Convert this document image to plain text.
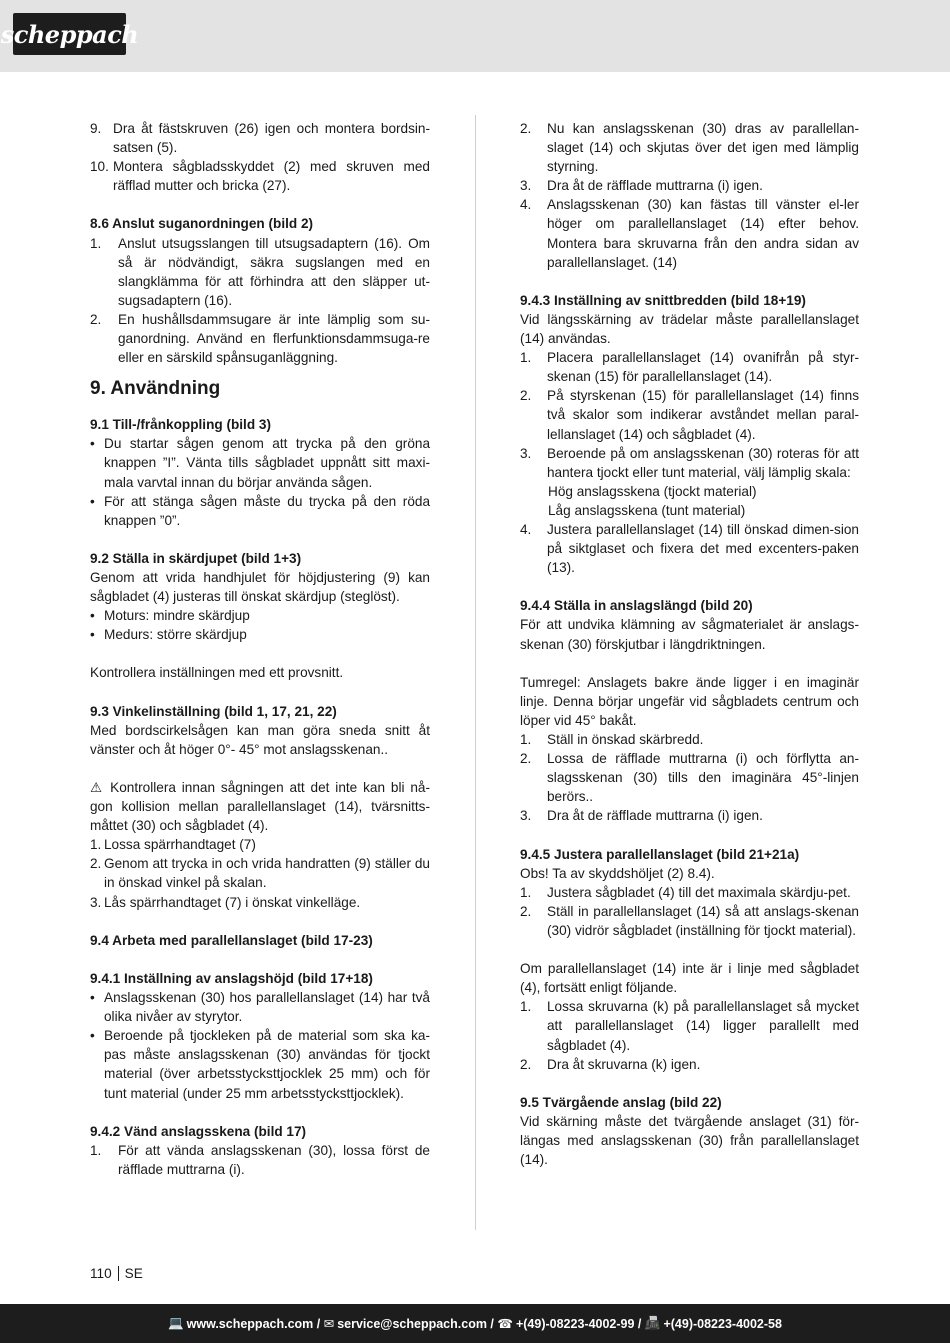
scheppach
9. Dra åt fästskruven (26) igen och montera bordsin-satsen (5).
10. Montera sågbladsskyddet (2) med skruven med räfflad mutter och bricka (27).

8.6 Anslut suganordningen (bild 2)

1.	Anslut utsugsslangen till utsugsadaptern (16). Om så är nödvändigt, säkra sugslangen med en slangklämma för att förhindra att den släpper ut-sugsadaptern (16).
2.	En hushållsdammsugare är inte lämplig som su-ganordning. Använd en flerfunktionsdammsuga-re eller en särskild spånsuganläggning.

9. Användning

9.1 Till-/frånkoppling (bild 3)

• Du startar sågen genom att trycka på den gröna knappen ”I”. Vänta tills sågbladet uppnått sitt maxi-mala varvtal innan du börjar använda sågen.
• För att stänga sågen måste du trycka på den röda knappen ”0”.

9.2 Ställa in skärdjupet (bild 1+3)

Genom att vrida handhjulet för höjdjustering (9) kan sågbladet (4) justeras till önskat skärdjup (steglöst).

• Moturs: mindre skärdjup
• Medurs: större skärdjup

Kontrollera inställningen med ett provsnitt.

9.3 Vinkelinställning (bild 1, 17, 21, 22)

Med bordscirkelsågen kan man göra sneda snitt åt vänster och åt höger 0°- 45° mot anslagsskenan..

⚠ Kontrollera innan sågningen att det inte kan bli nå-gon kollision mellan parallellanslaget (14), tvärsnitts-måttet (30) och sågbladet (4).

1. Lossa spärrhandtaget (7)
2. Genom att trycka in och vrida handratten (9) ställer du in önskad vinkel på skalan.
3. Lås spärrhandtaget (7) i önskat vinkelläge.

9.4 Arbeta med parallellanslaget (bild 17-23)

9.4.1 Inställning av anslagshöjd (bild 17+18)

• Anslagsskenan (30) hos parallellanslaget (14) har två olika nivåer av styrytor.
• Beroende på tjockleken på de material som ska ka-pas måste anslagsskenan (30) användas för tjockt material (över arbetsstycksttjocklek 25 mm) och för tunt material (under 25 mm arbetsstycksttjocklek).

9.4.2 Vänd anslagsskena (bild 17)

1.	För att vända anslagsskenan (30), lossa först de räfflade muttrarna (i).
2.	Nu kan anslagsskenan (30) dras av parallellan-slaget (14) och skjutas över det igen med lämplig styrning.
3.	Dra åt de räfflade muttrarna (i) igen.
4.	Anslagsskenan (30) kan fästas till vänster el-ler höger om parallellanslaget (14) efter behov. Montera bara skruvarna från den andra sidan av parallellanslaget. (14)

9.4.3 Inställning av snittbredden (bild 18+19)

Vid längsskärning av trädelar måste parallellanslaget (14) användas.

1.	Placera parallellanslaget (14) ovanifrån på styr-skenan (15) för parallellanslaget (14).
2.	På styrskenan (15) för parallellanslaget (14) finns två skalor som indikerar avståndet mellan paral-lellanslaget (14) och sågbladet (4).
3.	Beroende på om anslagsskenan (30) roteras för att hantera tjockt eller tunt material, välj lämplig skala:

Hög anslagsskena (tjockt material)

Låg anslagsskena (tunt material)

4.	Justera parallellanslaget (14) till önskad dimen-sion på siktglaset och fixera det med excenters-paken (13).

9.4.4 Ställa in anslagslängd (bild 20)

För att undvika klämning av sågmaterialet är anslags-skenan (30) förskjutbar i längdriktningen.

Tumregel: Anslagets bakre ände ligger i en imaginär linje. Denna börjar ungefär vid sågbladets centrum och löper vid 45° bakåt.

1.	Ställ in önskad skärbredd.
2.	Lossa de räfflade muttrarna (i) och förflytta an-slagsskenan (30) tills den imaginära 45°-linjen berörs..
3.	Dra åt de räfflade muttrarna (i) igen.

9.4.5 Justera parallellanslaget (bild 21+21a)

Obs! Ta av skyddshöljet (2) 8.4).

1.	Justera sågbladet (4) till det maximala skärdju-pet.
2.	Ställ in parallellanslaget (14) så att anslags-skenan (30) vidrör sågbladet (inställning för tjockt material).

Om parallellanslaget (14) inte är i linje med sågbladet (4), fortsätt enligt följande.

1.	Lossa skruvarna (k) på parallellanslaget så mycket att parallellanslaget (14) ligger parallellt med sågbladet (4).
2.	Dra åt skruvarna (k) igen.

9.5 Tvärgående anslag (bild 22)

Vid skärning måste det tvärgående anslaget (31) för-längas med anslagsskenan (30) från parallellanslaget (14).

110 SE
💻 www.scheppach.com / ✉ service@scheppach.com / ☎ +(49)-08223-4002-99 / 📠 +(49)-08223-4002-58
